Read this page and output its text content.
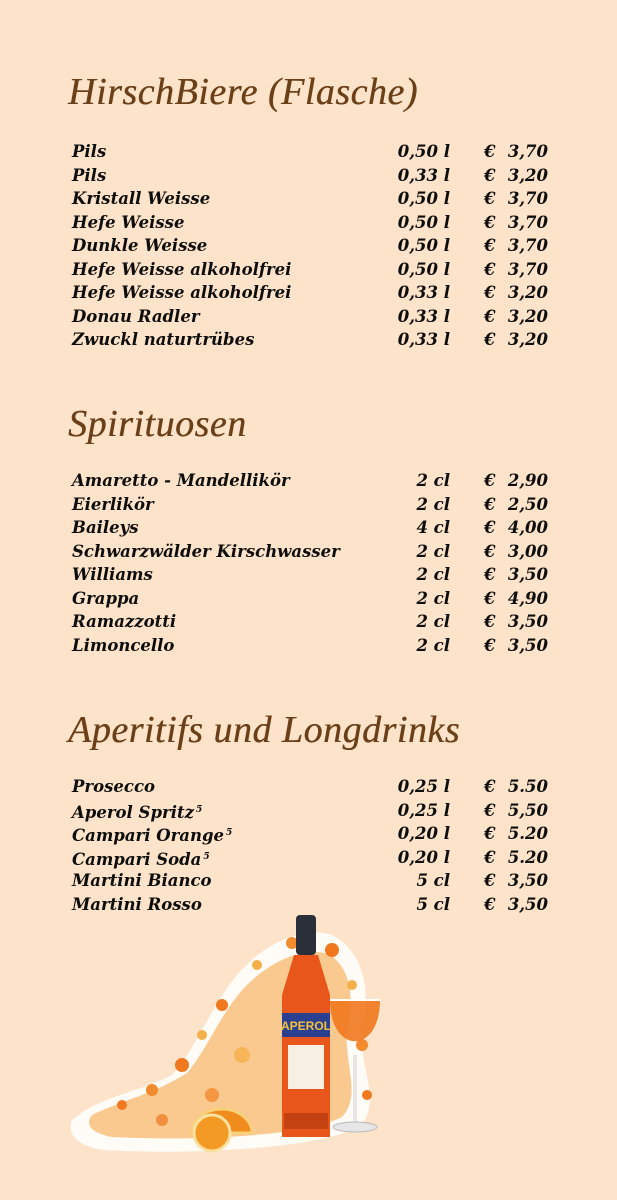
HirschBiere (Flasche)
Pils	0,50 l € 3,70
Pils	0,33 l € 3,20
Kristall Weisse	0,50 l € 3,70
Hefe Weisse	0,50 l € 3,70
Dunkle Weisse	0,50 l € 3,70
Hefe Weisse alkoholfrei	0,50 l € 3,70
Hefe Weisse alkoholfrei	0,33 l € 3,20
Donau Radler	0,33 l € 3,20
Zwuckl naturtrübes	0,33 l € 3,20
Spirituosen
Amaretto - Mandellikör	2 cl € 2,90
Eierlikör	2 cl € 2,50
Baileys	4 cl € 4,00
Schwarzwälder Kirschwasser	2 cl € 3,00
Williams	2 cl € 3,50
Grappa	2 cl € 4,90
Ramazzotti	2 cl € 3,50
Limoncello	2 cl € 3,50
Aperitifs und Longdrinks
Prosecco	0,25 l € 5.50
Aperol Spritz $^5$	0,25 l € 5,50
Campari Orange $^5$	0,20 l € 5.20
Campari Soda $^5$	0,20 l € 5.20
Martini Bianco	5 cl € 3,50
Martini Rosso	5 cl € 3,50
APEROL
